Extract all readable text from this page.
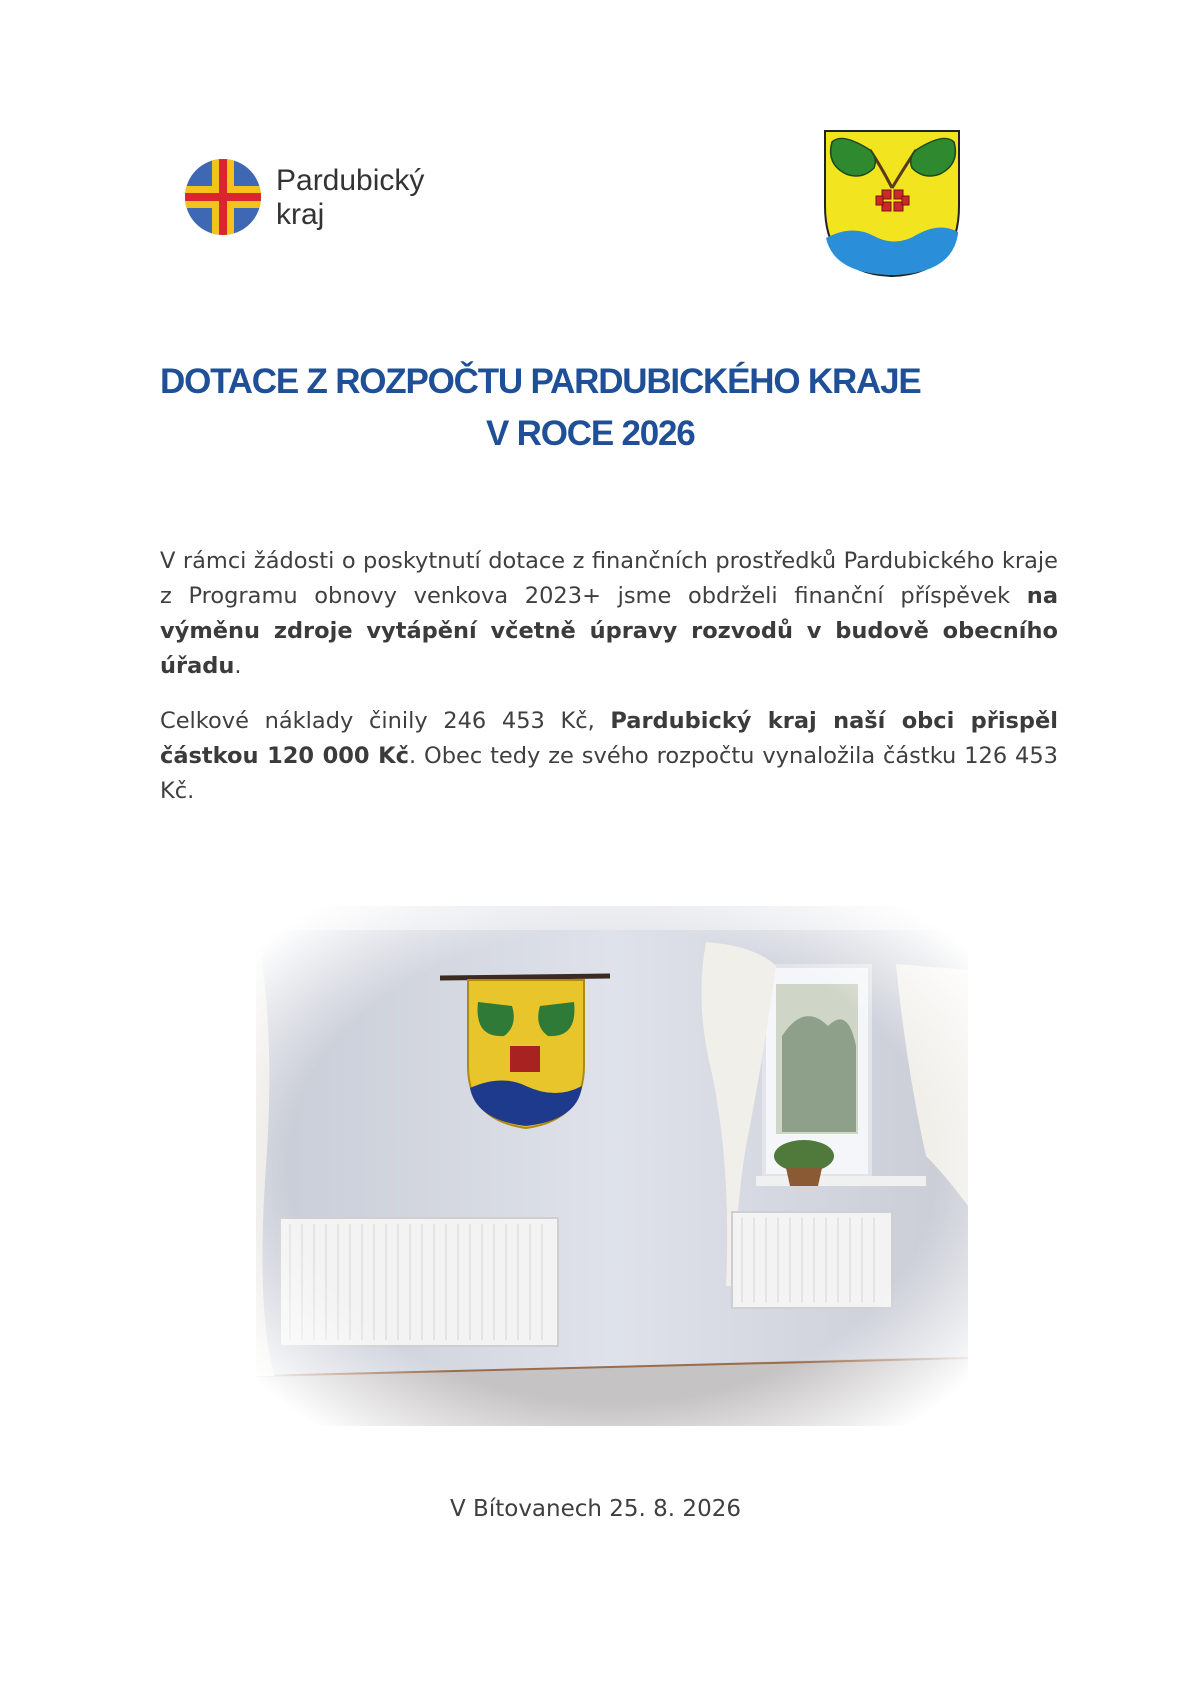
Pardubický
kraj
DOTACE Z ROZPOČTU PARDUBICKÉHO KRAJE
V ROCE 2026

V rámci žádosti o poskytnutí dotace z finančních prostředků Pardubického kraje z Programu obnovy venkova 2023+ jsme obdrželi finanční příspěvek na výměnu zdroje vytápění včetně úpravy rozvodů v budově obecního úřadu.

Celkové náklady činily 246 453 Kč, Pardubický kraj naší obci přispěl částkou 120 000 Kč. Obec tedy ze svého rozpočtu vynaložila částku 126 453 Kč.

V Bítovanech 25. 8. 2026
